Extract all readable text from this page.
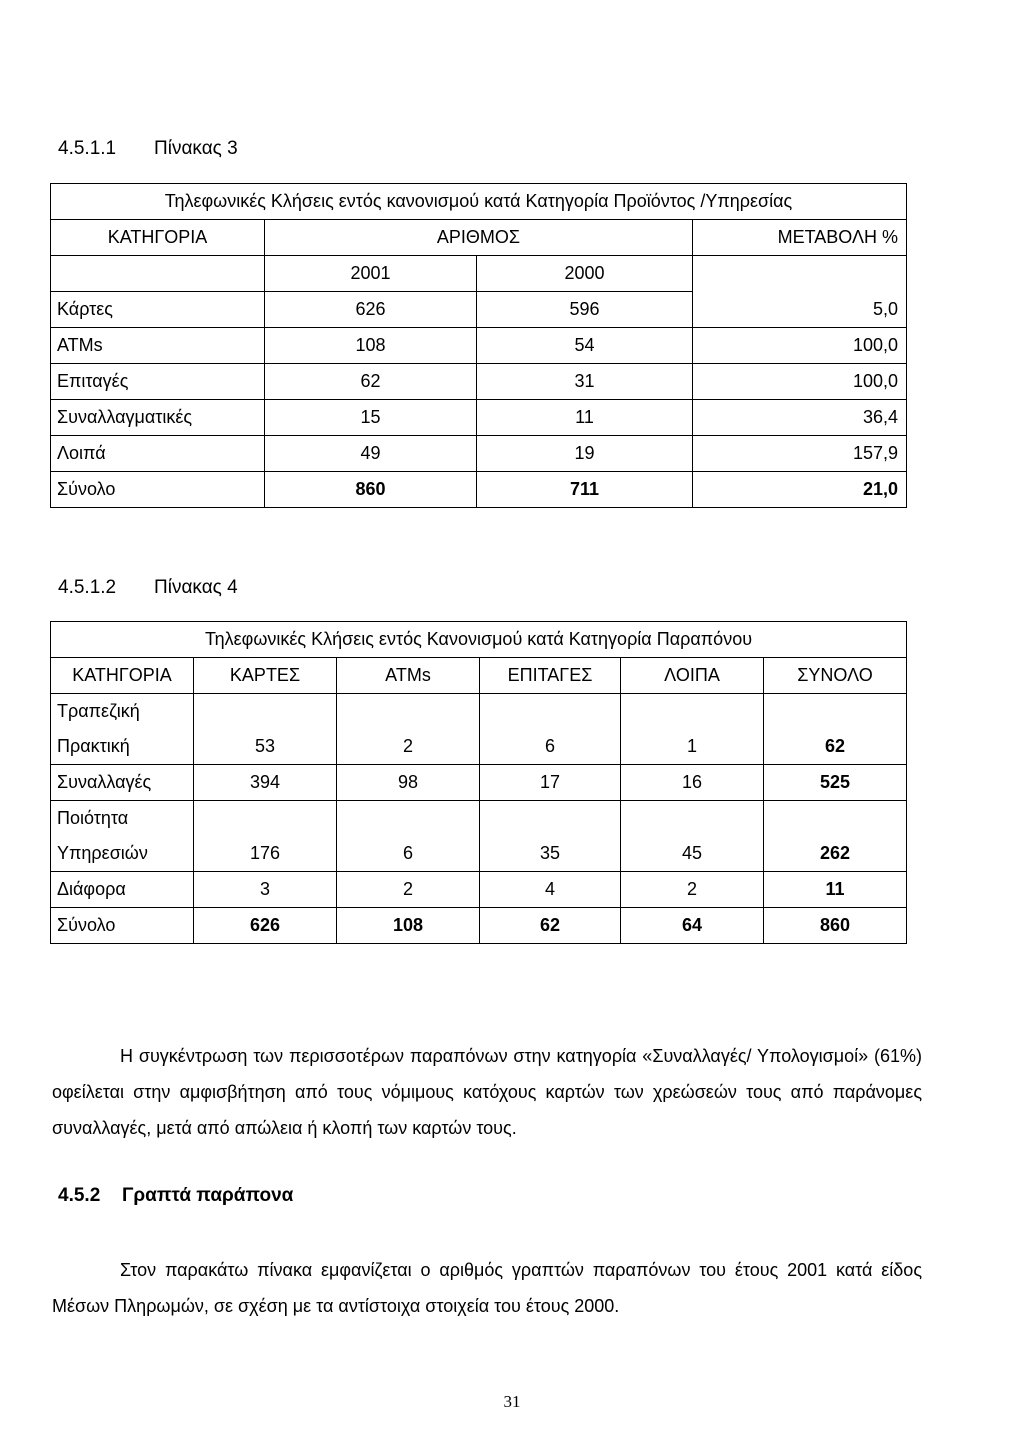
4.5.1.1 Πίνακας 3
Τηλεφωνικές Κλήσεις εντός κανονισμού κατά Κατηγορία Προϊόντος /Υπηρεσίας			
ΚΑΤΗΓΟΡΙΑ	ΑΡΙΘΜΟΣ		ΜΕΤΑΒΟΛΗ %
	2001	2000	
Κάρτες	626	596	5,0
ATMs	108	54	100,0
Επιταγές	62	31	100,0
Συναλλαγματικές	15	11	36,4
Λοιπά	49	19	157,9
Σύνολο	860	711	21,0
4.5.1.2 Πίνακας 4
Τηλεφωνικές Κλήσεις εντός Κανονισμού κατά Κατηγορία Παραπόνου					
ΚΑΤΗΓΟΡΙΑ	ΚΑΡΤΕΣ	ATMs	ΕΠΙΤΑΓΕΣ	ΛΟΙΠΑ	ΣΥΝΟΛΟ

Τραπεζική
Πρακτική	53	2	6	1	62
Συναλλαγές	394	98	17	16	525

Ποιότητα
Υπηρεσιών	176	6	35	45	262
Διάφορα	3	2	4	2	11
Σύνολο	626	108	62	64	860

Η συγκέντρωση των περισσοτέρων παραπόνων στην κατηγορία «Συναλλαγές/ Υπολογισμοί» (61%) οφείλεται στην αμφισβήτηση από τους νόμιμους κατόχους καρτών των χρεώσεών τους από παράνομες συναλλαγές, μετά από απώλεια ή κλοπή των καρτών τους.

4.5.2 Γραπτά παράπονα

Στον παρακάτω πίνακα εμφανίζεται ο αριθμός γραπτών παραπόνων του έτους 2001 κατά είδος Μέσων Πληρωμών, σε σχέση με τα αντίστοιχα στοιχεία του έτους 2000.

31
